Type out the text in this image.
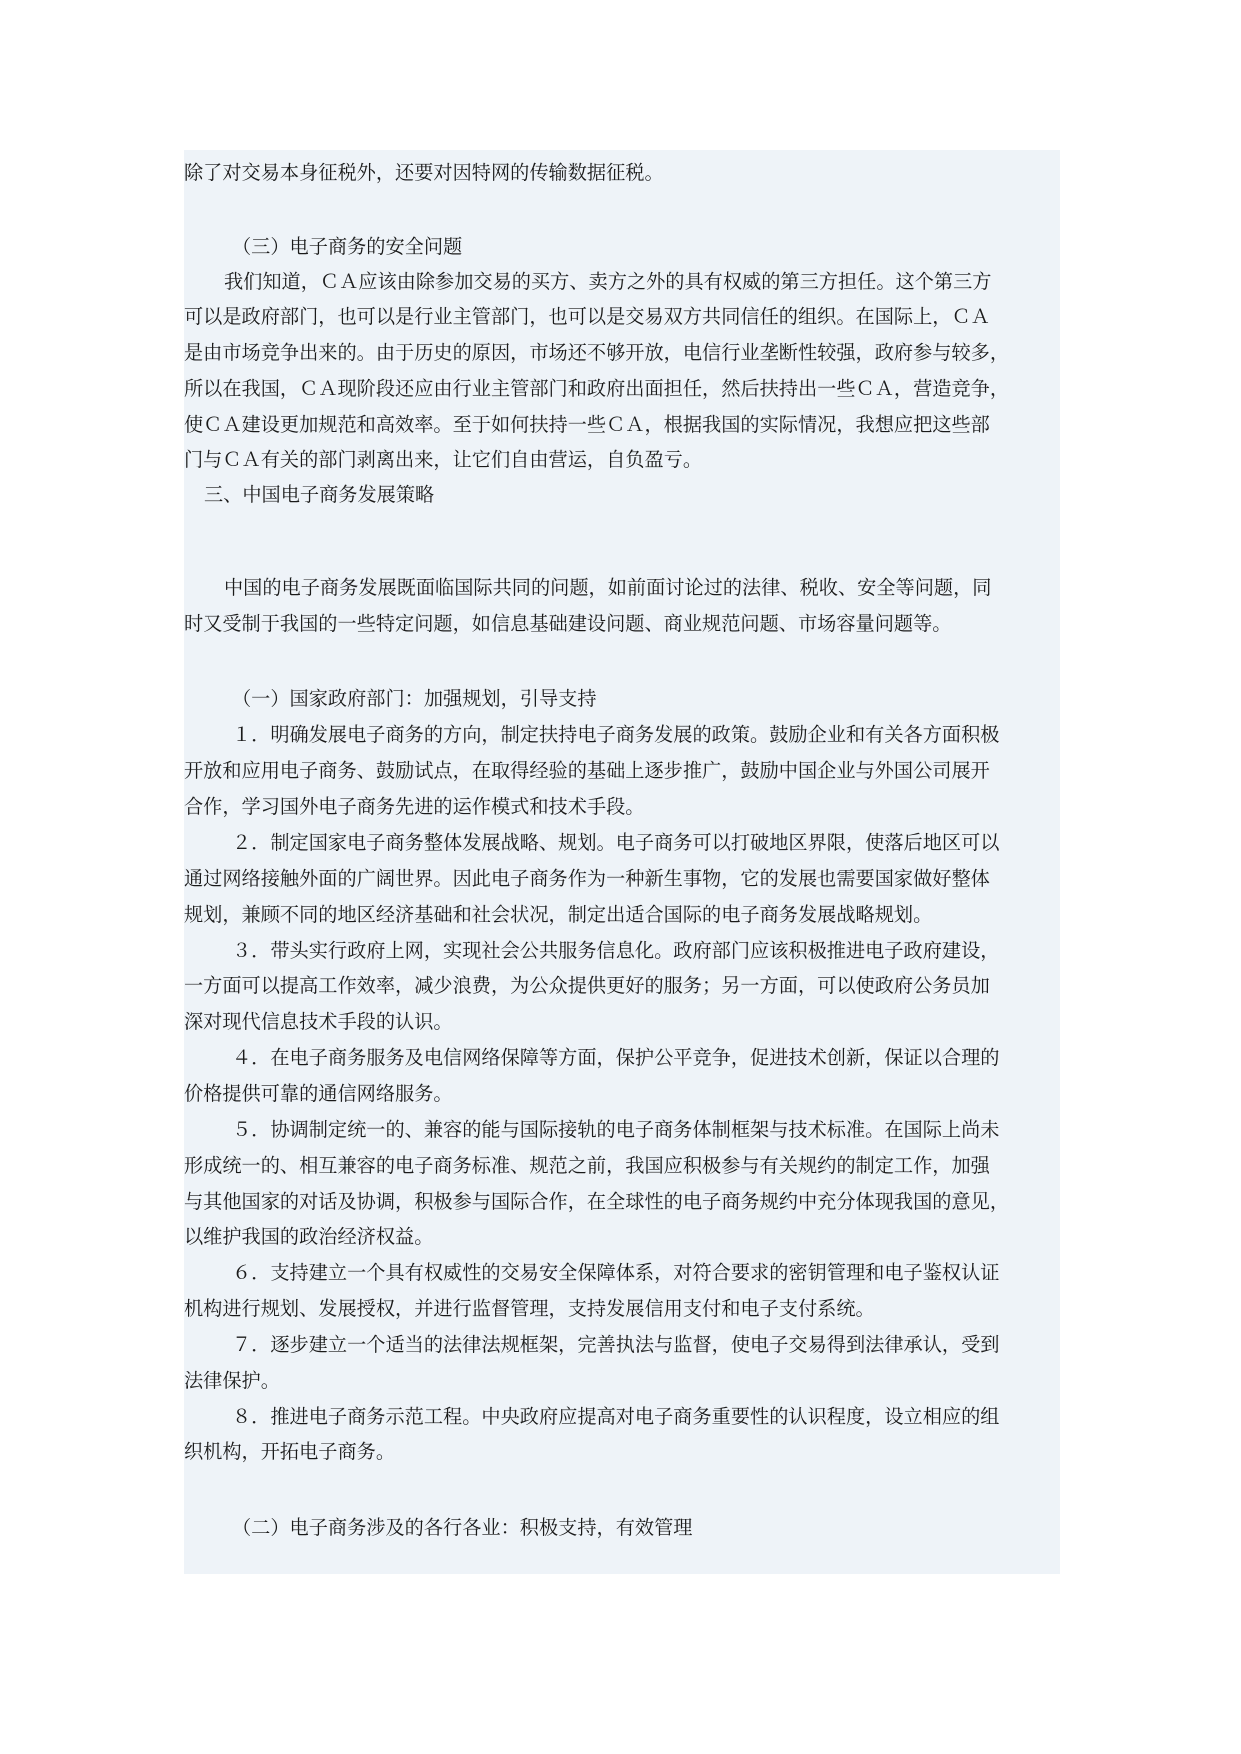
除了对交易本身征税外，还要对因特网的传输数据征税。

（三）电子商务的安全问题

我们知道，ＣＡ应该由除参加交易的买方、卖方之外的具有权威的第三方担任。这个第三方

可以是政府部门，也可以是行业主管部门，也可以是交易双方共同信任的组织。在国际上，ＣＡ

是由市场竞争出来的。由于历史的原因，市场还不够开放，电信行业垄断性较强，政府参与较多，

所以在我国，ＣＡ现阶段还应由行业主管部门和政府出面担任，然后扶持出一些ＣＡ，营造竞争，

使ＣＡ建设更加规范和高效率。至于如何扶持一些ＣＡ，根据我国的实际情况，我想应把这些部

门与ＣＡ有关的部门剥离出来，让它们自由营运，自负盈亏。

三、中国电子商务发展策略

中国的电子商务发展既面临国际共同的问题，如前面讨论过的法律、税收、安全等问题，同

时又受制于我国的一些特定问题，如信息基础建设问题、商业规范问题、市场容量问题等。

（一）国家政府部门：加强规划，引导支持

１．明确发展电子商务的方向，制定扶持电子商务发展的政策。鼓励企业和有关各方面积极

开放和应用电子商务、鼓励试点，在取得经验的基础上逐步推广，鼓励中国企业与外国公司展开

合作，学习国外电子商务先进的运作模式和技术手段。

２．制定国家电子商务整体发展战略、规划。电子商务可以打破地区界限，使落后地区可以

通过网络接触外面的广阔世界。因此电子商务作为一种新生事物，它的发展也需要国家做好整体

规划，兼顾不同的地区经济基础和社会状况，制定出适合国际的电子商务发展战略规划。

３．带头实行政府上网，实现社会公共服务信息化。政府部门应该积极推进电子政府建设，

一方面可以提高工作效率，减少浪费，为公众提供更好的服务；另一方面，可以使政府公务员加

深对现代信息技术手段的认识。

４．在电子商务服务及电信网络保障等方面，保护公平竞争，促进技术创新，保证以合理的

价格提供可靠的通信网络服务。

５．协调制定统一的、兼容的能与国际接轨的电子商务体制框架与技术标准。在国际上尚未

形成统一的、相互兼容的电子商务标准、规范之前，我国应积极参与有关规约的制定工作，加强

与其他国家的对话及协调，积极参与国际合作，在全球性的电子商务规约中充分体现我国的意见，

以维护我国的政治经济权益。

６．支持建立一个具有权威性的交易安全保障体系，对符合要求的密钥管理和电子鉴权认证

机构进行规划、发展授权，并进行监督管理，支持发展信用支付和电子支付系统。

７．逐步建立一个适当的法律法规框架，完善执法与监督，使电子交易得到法律承认，受到

法律保护。

８．推进电子商务示范工程。中央政府应提高对电子商务重要性的认识程度，设立相应的组

织机构，开拓电子商务。

（二）电子商务涉及的各行各业：积极支持，有效管理
